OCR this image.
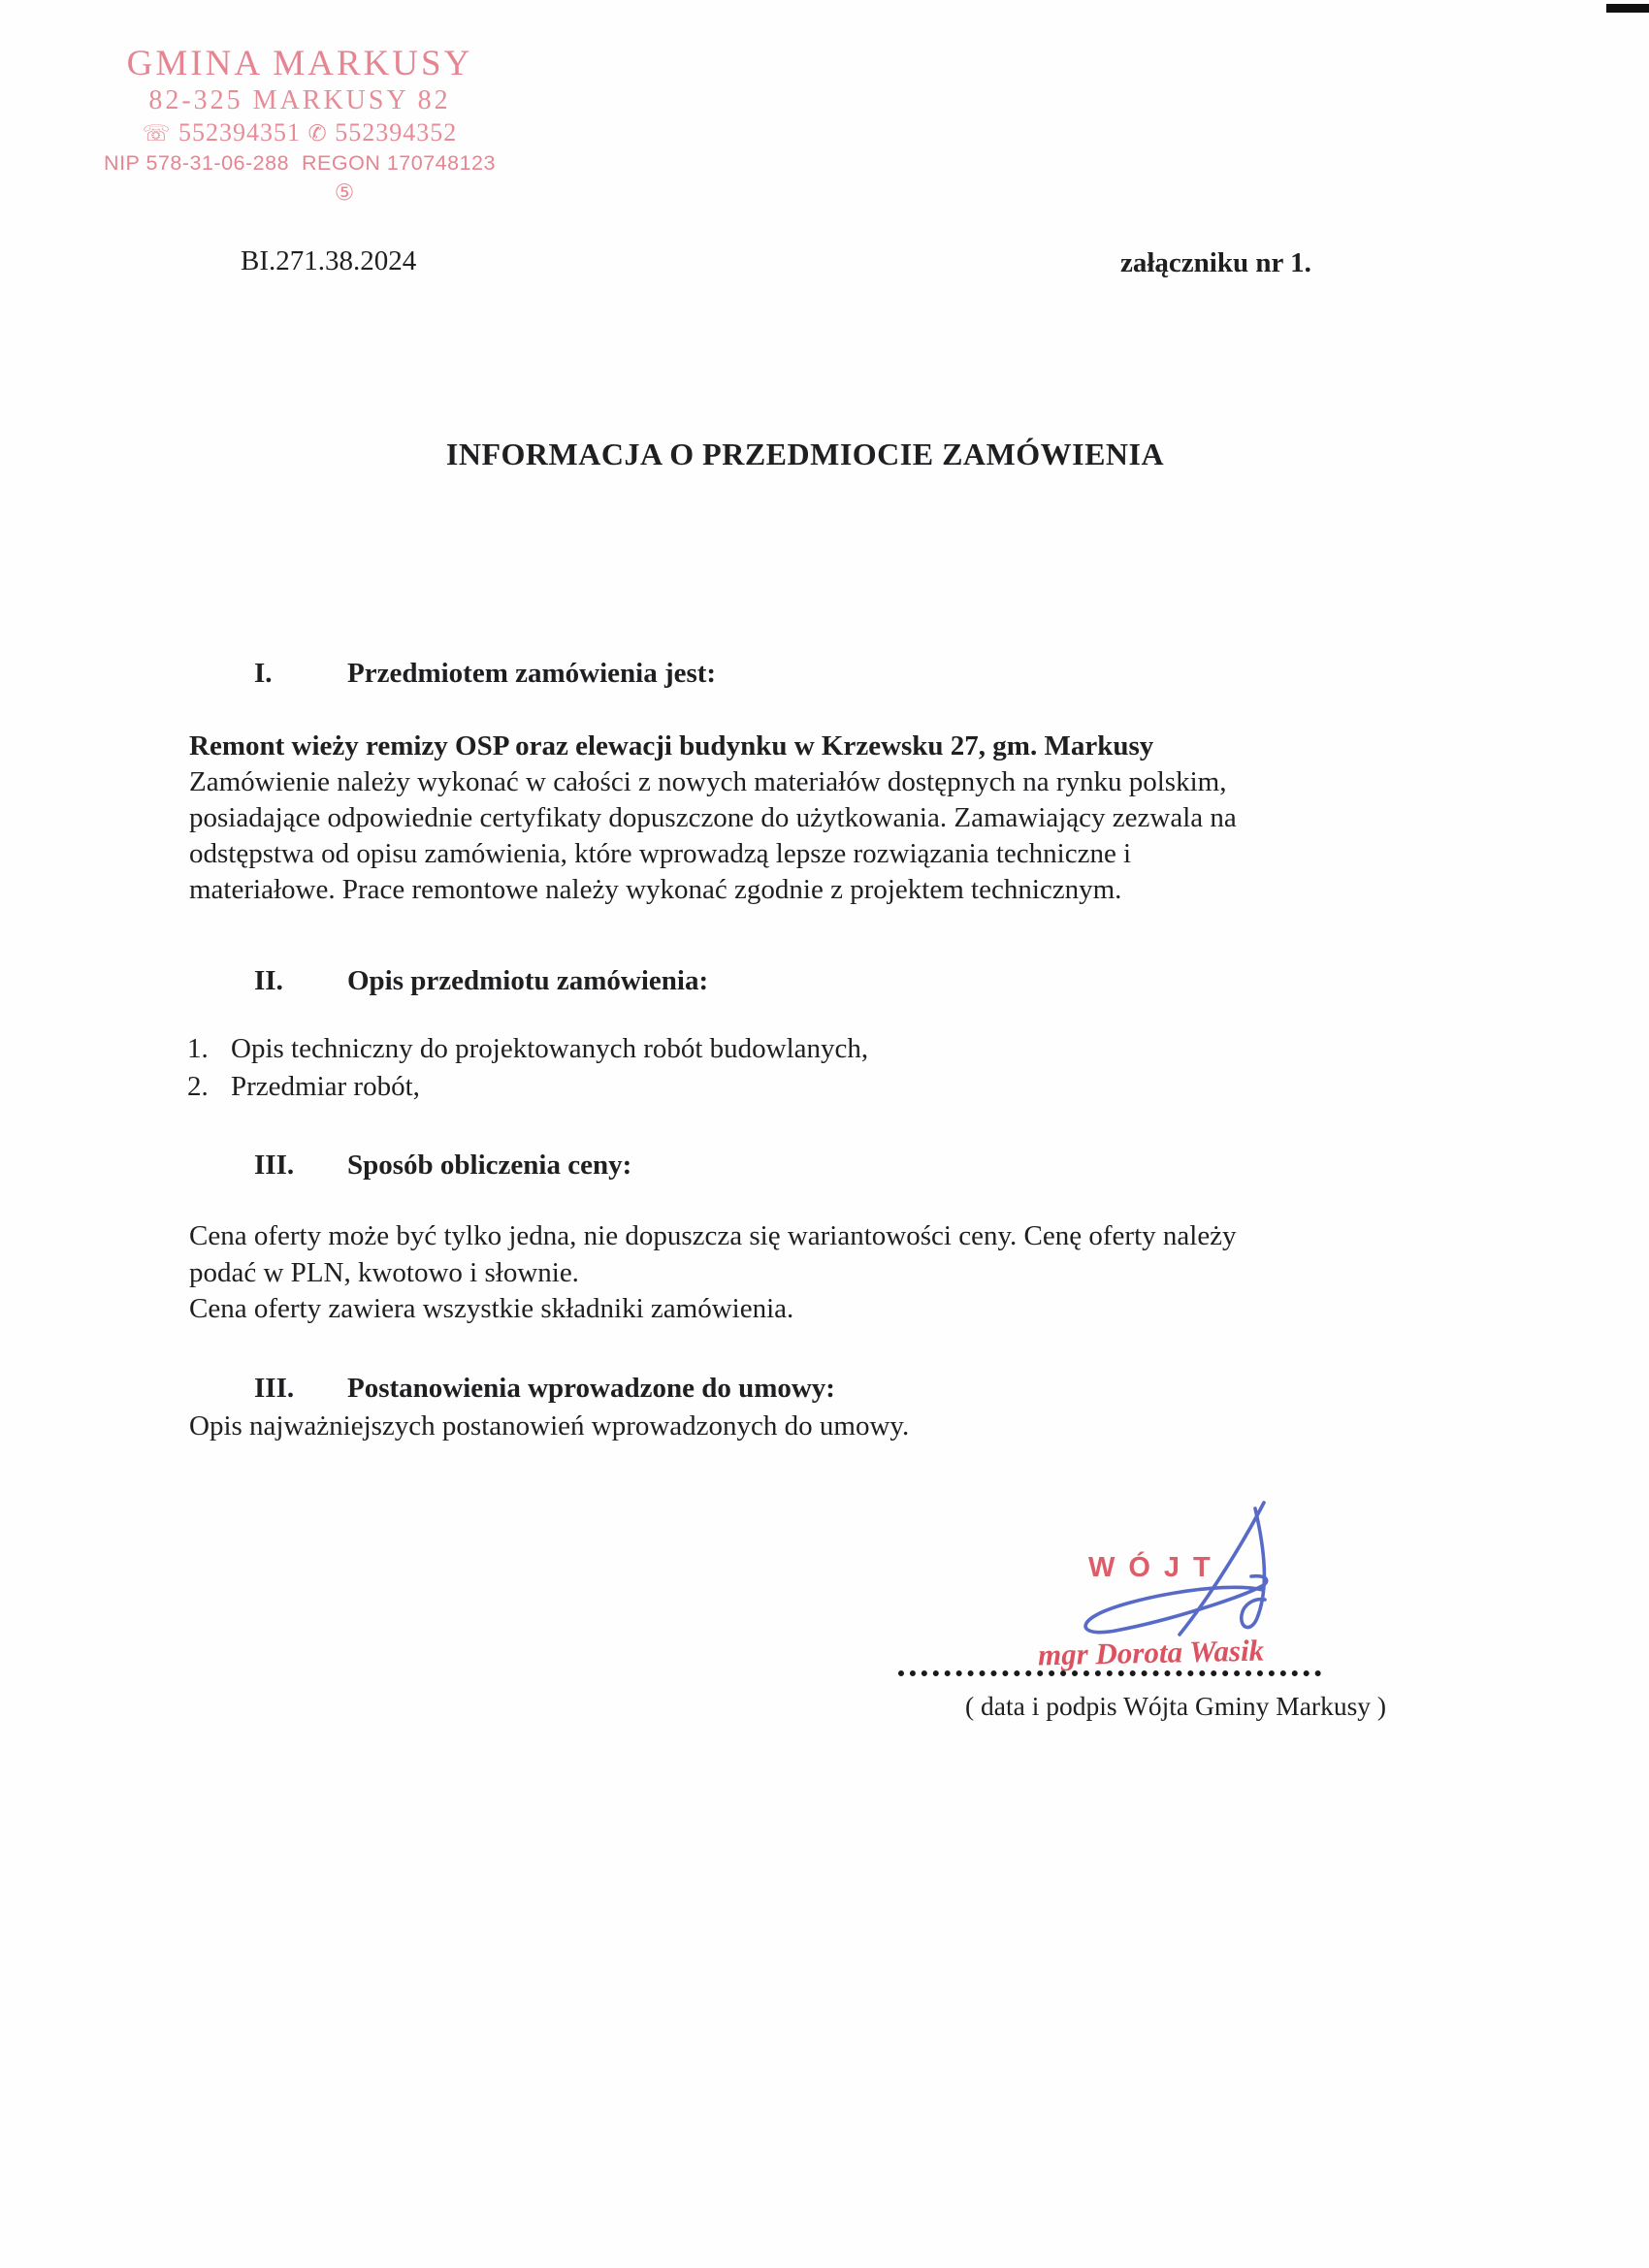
GMINA MARKUSY
82-325 MARKUSY 82
☏ 552394351 ✆ 552394352
NIP 578-31-06-288 REGON 170748123
⑤
BI.271.38.2024	załączniku nr 1.
INFORMACJA O PRZEDMIOCIE ZAMÓWIENIA
I.	Przedmiotem zamówienia jest:
Remont wieży remizy OSP oraz elewacji budynku w Krzewsku 27, gm. Markusy
Zamówienie należy wykonać w całości z nowych materiałów dostępnych na rynku polskim,
posiadające odpowiednie certyfikaty dopuszczone do użytkowania. Zamawiający zezwala na
odstępstwa od opisu zamówienia, które wprowadzą lepsze rozwiązania techniczne i
materiałowe. Prace remontowe należy wykonać zgodnie z projektem technicznym.
II. Opis przedmiotu zamówienia:
1. Opis techniczny do projektowanych robót budowlanych,
2. Przedmiar robót,
III. Sposób obliczenia ceny:
Cena oferty może być tylko jedna, nie dopuszcza się wariantowości ceny. Cenę oferty należy
podać w PLN, kwotowo i słownie.
Cena oferty zawiera wszystkie składniki zamówienia.
III. Postanowienia wprowadzone do umowy:
Opis najważniejszych postanowień wprowadzonych do umowy.
WÓJT
mgr Dorota Wasik
( data i podpis Wójta Gminy Markusy )
